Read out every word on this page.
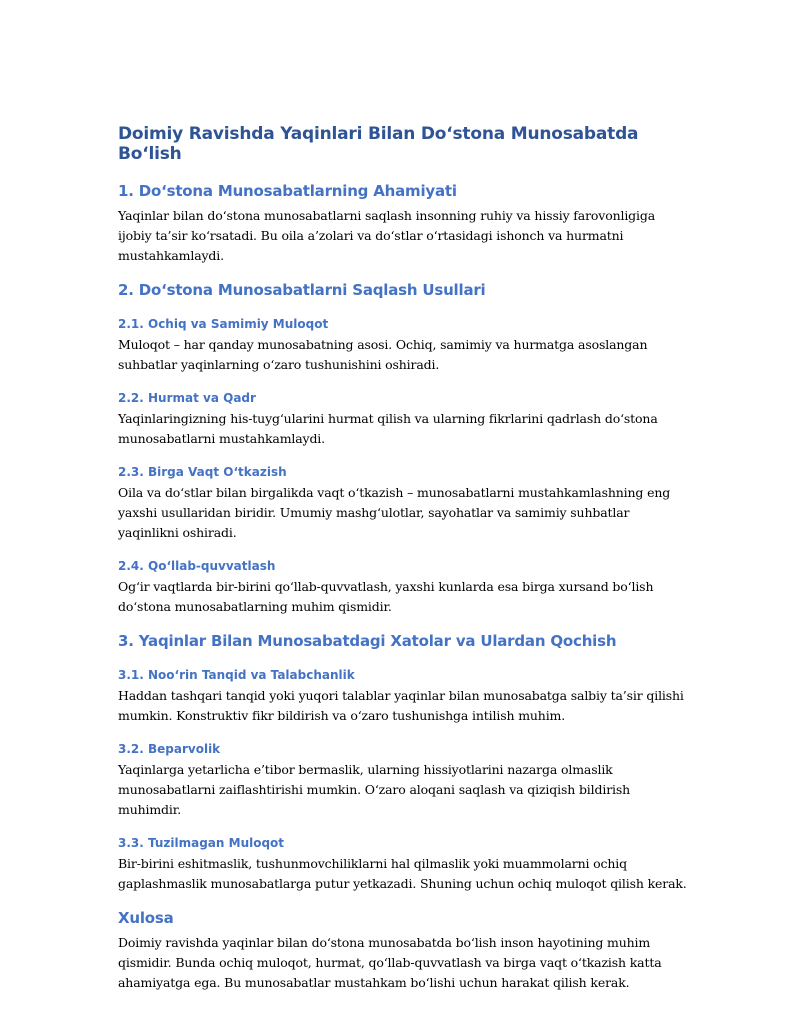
Doimiy Ravishda Yaqinlari Bilan Do‘stona Munosabatda Bo‘lish
1. Do‘stona Munosabatlarning Ahamiyati

Yaqinlar bilan do‘stona munosabatlarni saqlash insonning ruhiy va hissiy farovonligiga ijobiy ta’sir ko‘rsatadi. Bu oila a’zolari va do‘stlar o‘rtasidagi ishonch va hurmatni mustahkamlaydi.

2. Do‘stona Munosabatlarni Saqlash Usullari
2.1. Ochiq va Samimiy Muloqot

Muloqot – har qanday munosabatning asosi. Ochiq, samimiy va hurmatga asoslangan suhbatlar yaqinlarning o‘zaro tushunishini oshiradi.

2.2. Hurmat va Qadr

Yaqinlaringizning his-tuyg‘ularini hurmat qilish va ularning fikrlarini qadrlash do‘stona munosabatlarni mustahkamlaydi.

2.3. Birga Vaqt O‘tkazish

Oila va do‘stlar bilan birgalikda vaqt o‘tkazish – munosabatlarni mustahkamlashning eng yaxshi usullaridan biridir. Umumiy mashg‘ulotlar, sayohatlar va samimiy suhbatlar yaqinlikni oshiradi.

2.4. Qo‘llab-quvvatlash

Og‘ir vaqtlarda bir-birini qo‘llab-quvvatlash, yaxshi kunlarda esa birga xursand bo‘lish do‘stona munosabatlarning muhim qismidir.

3. Yaqinlar Bilan Munosabatdagi Xatolar va Ulardan Qochish
3.1. Noo‘rin Tanqid va Talabchanlik

Haddan tashqari tanqid yoki yuqori talablar yaqinlar bilan munosabatga salbiy ta’sir qilishi mumkin. Konstruktiv fikr bildirish va o‘zaro tushunishga intilish muhim.

3.2. Beparvolik

Yaqinlarga yetarlicha e’tibor bermaslik, ularning hissiyotlarini nazarga olmaslik munosabatlarni zaiflashtirishi mumkin. O‘zaro aloqani saqlash va qiziqish bildirish muhimdir.

3.3. Tuzilmagan Muloqot

Bir-birini eshitmaslik, tushunmovchiliklarni hal qilmaslik yoki muammolarni ochiq gaplashmaslik munosabatlarga putur yetkazadi. Shuning uchun ochiq muloqot qilish kerak.

Xulosa

Doimiy ravishda yaqinlar bilan do‘stona munosabatda bo‘lish inson hayotining muhim qismidir. Bunda ochiq muloqot, hurmat, qo‘llab-quvvatlash va birga vaqt o‘tkazish katta ahamiyatga ega. Bu munosabatlar mustahkam bo‘lishi uchun harakat qilish kerak.
